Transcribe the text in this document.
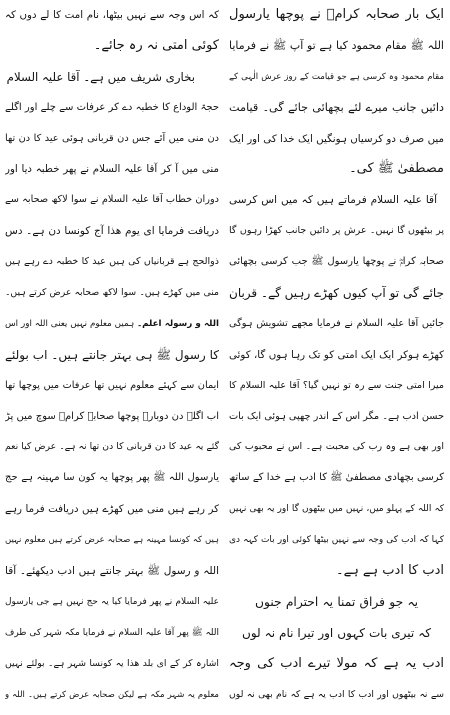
ایک بار صحابہ کرامؓ نے پوچھا یارسول
اللہ ﷺ مقام محمود کیا ہے تو آپ ﷺ نے فرمایا
مقام محمود وہ کرسی ہے جو قیامت کے روز عرش الٰہی کے
دائیں جانب میرے لئے بچھائی جائے گی۔ قیامت
میں صرف دو کرسیاں ہونگیں ایک خدا کی اور ایک
مصطفیٰ ﷺ کی۔
آقا علیہ السلام فرماتے ہیں کہ میں اس کرسی
پر بیٹھوں گا نہیں۔ عرش پر دائیں جانب کھڑا رہوں گا
صحابہ کرامؓ نے پوچھا یارسول ﷺ جب کرسی بچھائی
جائے گی تو آپ کیوں کھڑے رہیں گے۔ قربان
جائیں آقا علیہ السلام نے فرمایا مجھے تشویش ہوگی
کھڑے ہوکر ایک ایک امتی کو تک رہا ہوں گا، کوئی
میرا امتی جنت سے رہ تو نہیں گیا؟ آقا علیہ السلام کا
حسن ادب ہے۔ مگر اس کے اندر چھپی ہوئی ایک بات
اور بھی ہے وہ رب کی محبت ہے۔ اس نے محبوب کی
کرسی بچھادی مصطفیٰ ﷺ کا ادب ہے خدا کے ساتھ
کہ اللہ کے پہلو میں، نہیں میں بیٹھوں گا اور یہ بھی نہیں
کہا کہ ادب کی وجہ سے نہیں بیٹھا کوئی اور بات کہہ دی
ادب کا ادب ہے ہے۔
یہ جو فراق تمنا یہ احترام جنوں
کہ تیری بات کہوں اور تیرا نام نہ لوں
ادب یہ ہے کہ مولا تیرے ادب کی وجہ
سے نہ بیٹھوں اور ادب کا ادب یہ ہے کہ نام بھی نہ لوں
کہ اس وجہ سے نہیں بیٹھا، نام امت کا لے دوں کہ
کوئی امتی نہ رہ جائے۔
بخاری شریف میں ہے۔ آقا علیہ السلام
حجۃ الوداع کا خطبہ دے کر عرفات سے چلے اور اگلے
دن منی میں آئے جس دن قربانی ہوئی عید کا دن تھا
منی میں آ کر آقا علیہ السلام نے پھر خطبہ دیا اور
دوران خطاب آقا علیہ السلام نے سوا لاکھ صحابہ سے
دریافت فرمایا ای یوم ھذا آج کونسا دن ہے۔ دس
ذوالحج ہے قربانیاں کی ہیں عید کا خطبہ دے رہے ہیں
منی میں کھڑے ہیں۔ سوا لاکھ صحابہ عرض کرتے ہیں۔
اللہ و رسولہ اعلم۔ ہمیں معلوم نہیں یعنی اللہ اور اس
کا رسول ﷺ ہی بہتر جانتے ہیں۔ اب بولئے
ایمان سے کہئے معلوم نہیں تھا عرفات میں پوچھا تھا
اب اگلے دن دوبارہ پوچھا صحابہ کرامؓ سوچ میں پڑ
گئے یہ عید کا دن قربانی کا دن تھا نہ ہے۔ عرض کیا نعم
یارسول اللہ ﷺ پھر پوچھا یہ کون سا مہینہ ہے حج
کر رہے ہیں منی میں کھڑے ہیں دریافت فرما رہے
ہیں کہ کونسا مہینہ ہے صحابہ عرض کرتے ہیں معلوم نہیں
اللہ و رسول ﷺ بہتر جانتے ہیں ادب دیکھئے۔ آقا
علیہ السلام نے پھر فرمایا کیا یہ حج نہیں ہے جی یارسول
اللہ ﷺ پھر آقا علیہ السلام نے فرمایا مکہ شہر کی طرف
اشارہ کر کے ای بلد ھذا یہ کونسا شہر ہے۔ بولئے نہیں
معلوم یہ شہر مکہ ہے لیکن صحابہ عرض کرتے ہیں۔ اللہ و
